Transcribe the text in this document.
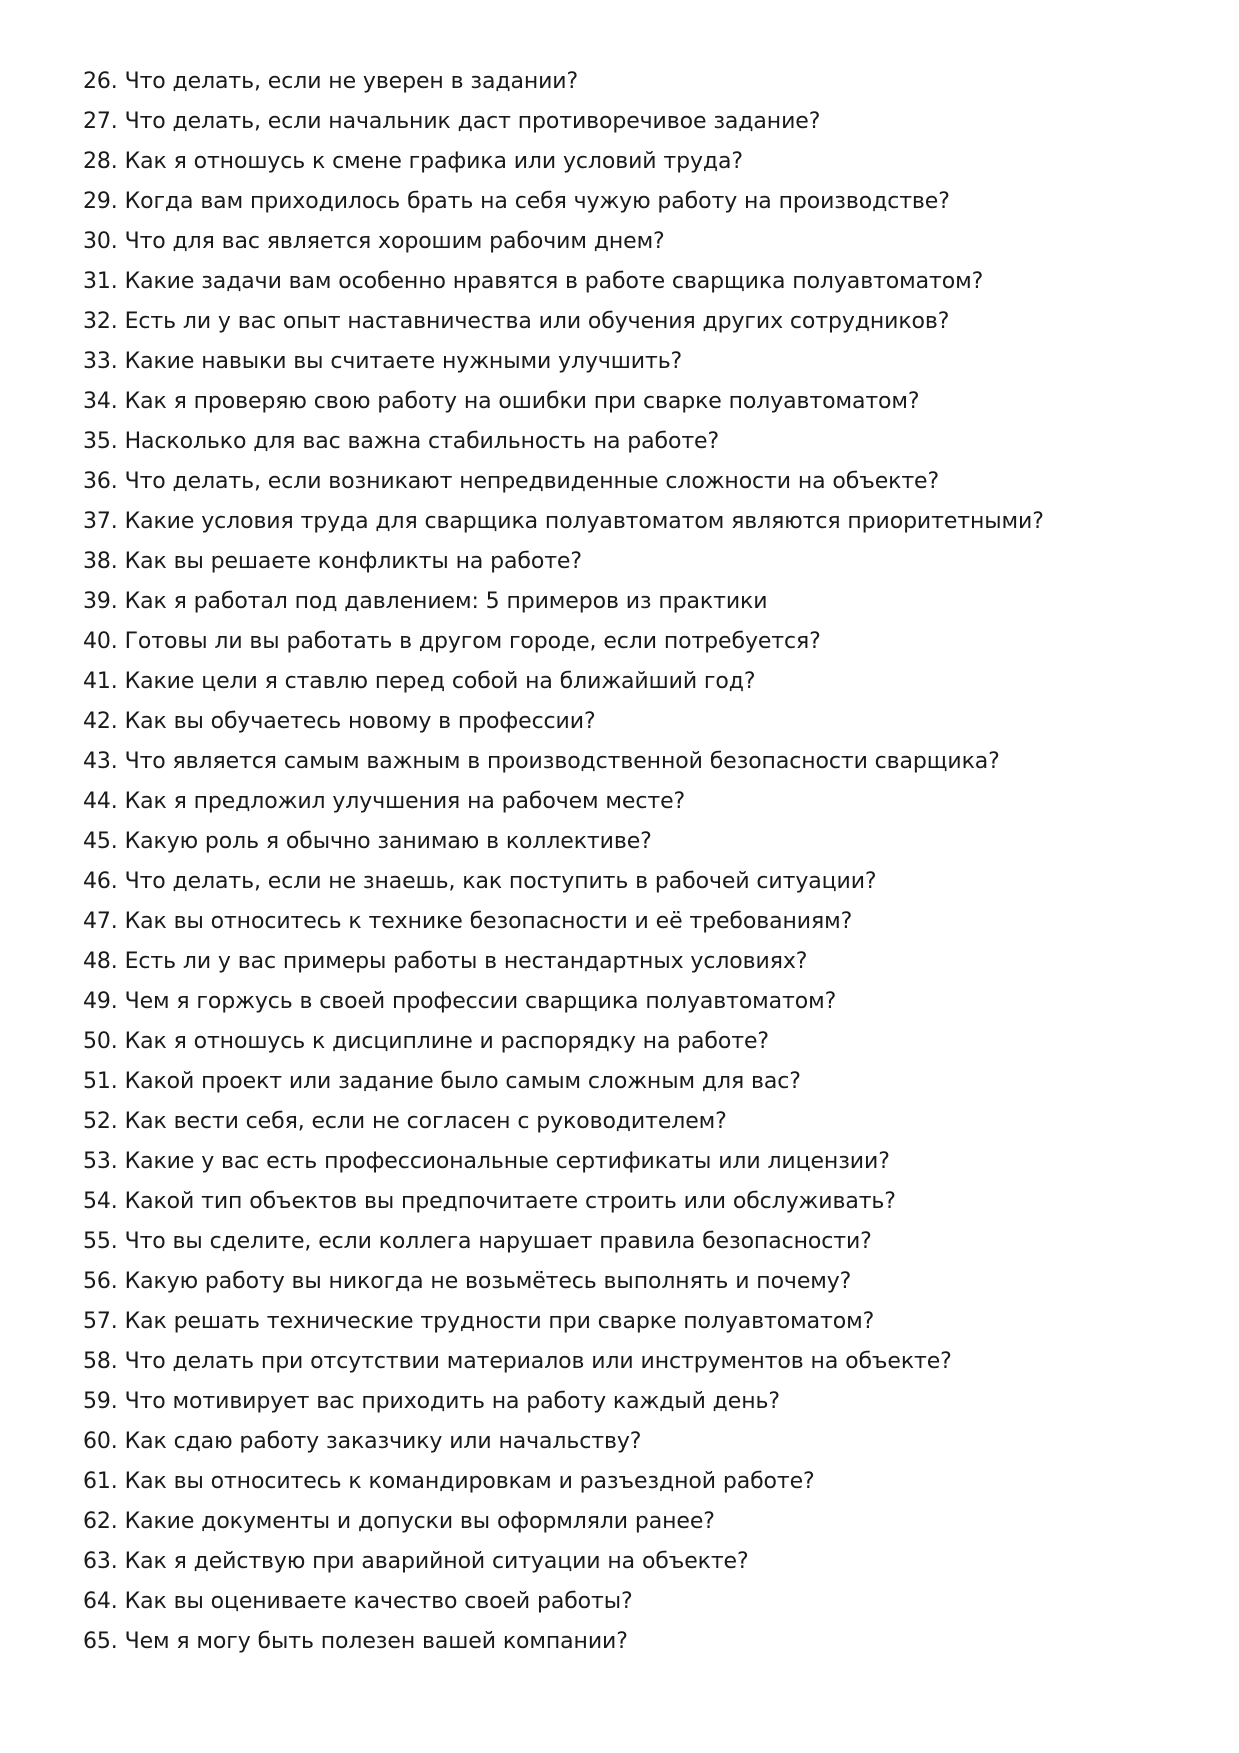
26. Что делать, если не уверен в задании?
27. Что делать, если начальник даст противоречивое задание?
28. Как я отношусь к смене графика или условий труда?
29. Когда вам приходилось брать на себя чужую работу на производстве?
30. Что для вас является хорошим рабочим днем?
31. Какие задачи вам особенно нравятся в работе сварщика полуавтоматом?
32. Есть ли у вас опыт наставничества или обучения других сотрудников?
33. Какие навыки вы считаете нужными улучшить?
34. Как я проверяю свою работу на ошибки при сварке полуавтоматом?
35. Насколько для вас важна стабильность на работе?
36. Что делать, если возникают непредвиденные сложности на объекте?
37. Какие условия труда для сварщика полуавтоматом являются приоритетными?
38. Как вы решаете конфликты на работе?
39. Как я работал под давлением: 5 примеров из практики
40. Готовы ли вы работать в другом городе, если потребуется?
41. Какие цели я ставлю перед собой на ближайший год?
42. Как вы обучаетесь новому в профессии?
43. Что является самым важным в производственной безопасности сварщика?
44. Как я предложил улучшения на рабочем месте?
45. Какую роль я обычно занимаю в коллективе?
46. Что делать, если не знаешь, как поступить в рабочей ситуации?
47. Как вы относитесь к технике безопасности и её требованиям?
48. Есть ли у вас примеры работы в нестандартных условиях?
49. Чем я горжусь в своей профессии сварщика полуавтоматом?
50. Как я отношусь к дисциплине и распорядку на работе?
51. Какой проект или задание было самым сложным для вас?
52. Как вести себя, если не согласен с руководителем?
53. Какие у вас есть профессиональные сертификаты или лицензии?
54. Какой тип объектов вы предпочитаете строить или обслуживать?
55. Что вы сделите, если коллега нарушает правила безопасности?
56. Какую работу вы никогда не возьмётесь выполнять и почему?
57. Как решать технические трудности при сварке полуавтоматом?
58. Что делать при отсутствии материалов или инструментов на объекте?
59. Что мотивирует вас приходить на работу каждый день?
60. Как сдаю работу заказчику или начальству?
61. Как вы относитесь к командировкам и разъездной работе?
62. Какие документы и допуски вы оформляли ранее?
63. Как я действую при аварийной ситуации на объекте?
64. Как вы оцениваете качество своей работы?
65. Чем я могу быть полезен вашей компании?
